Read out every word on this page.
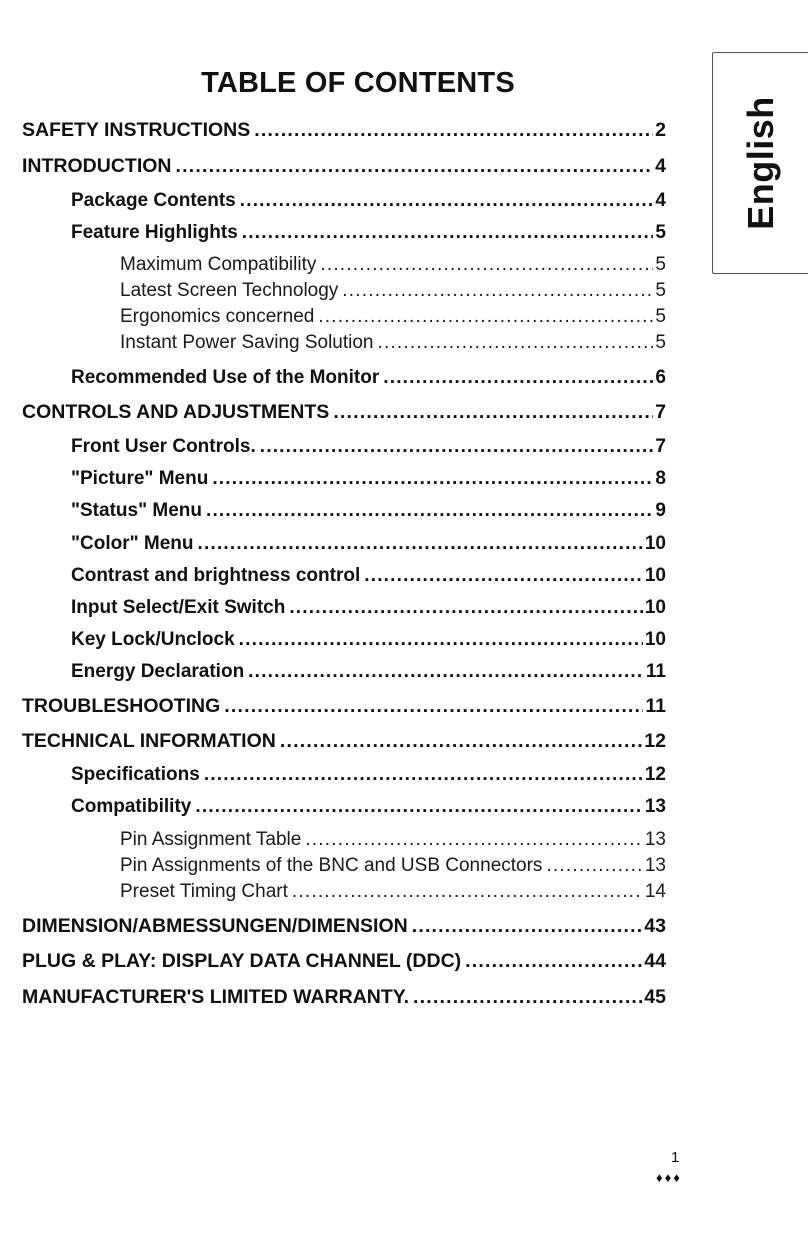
TABLE OF CONTENTS
English
SAFETY INSTRUCTIONS .....	2
INTRODUCTION .....	4
Package Contents .....	4
Feature Highlights .....	5
Maximum Compatibility .....	5
Latest Screen Technology .....	5
Ergonomics concerned .....	5
Instant Power Saving Solution .....	5
Recommended Use of the Monitor .....	6
CONTROLS AND ADJUSTMENTS .....	7
Front User Controls. .....	7
"Picture" Menu .....	8
"Status" Menu .....	9
"Color" Menu .....	10
Contrast and brightness control .....	10
Input Select/Exit Switch .....	10
Key Lock/Unclock .....	10
Energy Declaration .....	11
TROUBLESHOOTING .....	11
TECHNICAL INFORMATION .....	12
Specifications .....	12
Compatibility .....	13
Pin Assignment Table .....	13
Pin Assignments of the BNC and USB Connectors .....	13
Preset Timing Chart .....	14
DIMENSION/ABMESSUNGEN/DIMENSION .....	43
PLUG & PLAY: DISPLAY DATA CHANNEL (DDC) .....	44
MANUFACTURER'S LIMITED WARRANTY. .....	45
1
♦♦♦
